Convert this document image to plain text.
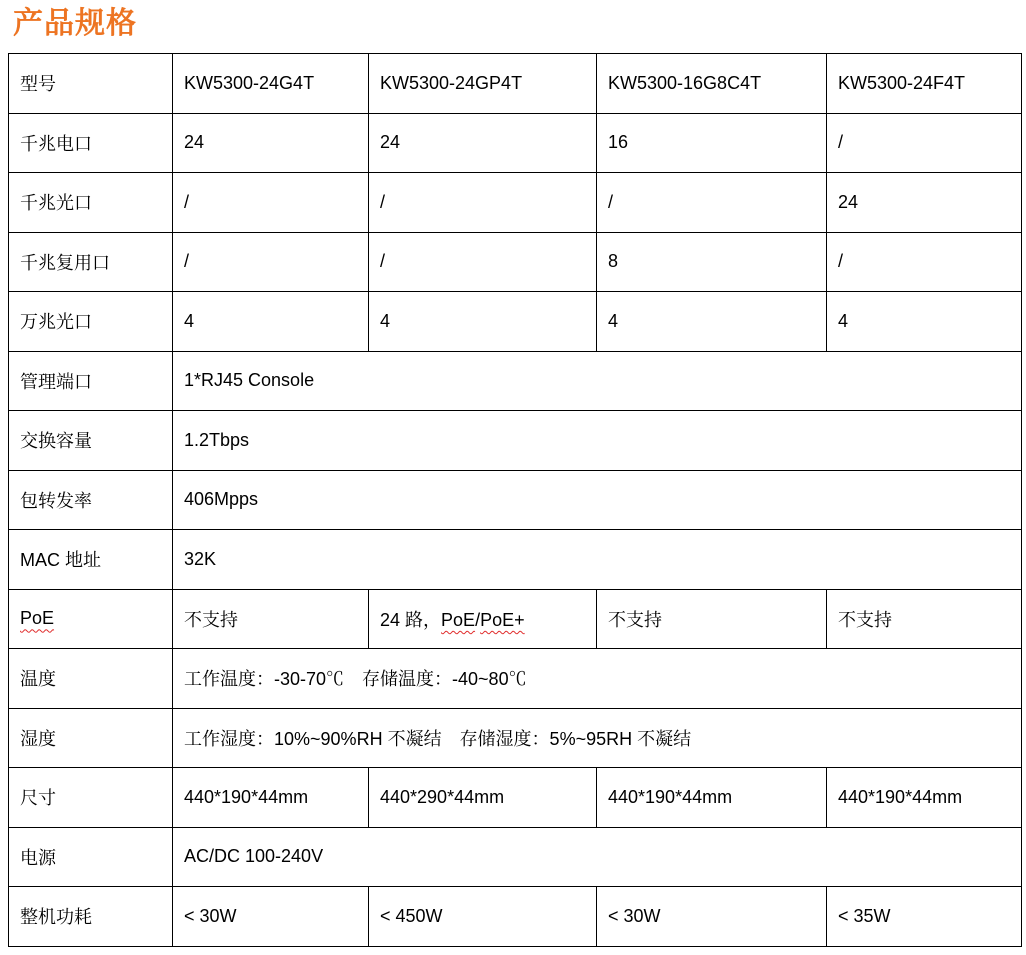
产品规格
型号	KW5300-24G4T	KW5300-24GP4T	KW5300-16G8C4T	KW5300-24F4T
千兆电口	24	24	16	/
千兆光口	/	/	/	24
千兆复用口	/	/	8	/
万兆光口	4	4	4	4
管理端口	1*RJ45 Console			
交换容量	1.2Tbps			
包转发率	406Mpps			
MAC 地址	32K			
PoE	不支持	24 路，PoE/PoE+	不支持	不支持
温度	工作温度：-30-70℃　存储温度：-40~80℃			
湿度	工作湿度：10%~90%RH 不凝结　存储湿度：5%~95RH 不凝结			
尺寸	440*190*44mm	440*290*44mm	440*190*44mm	440*190*44mm
电源	AC/DC 100-240V			
整机功耗	< 30W	< 450W	< 30W	< 35W
